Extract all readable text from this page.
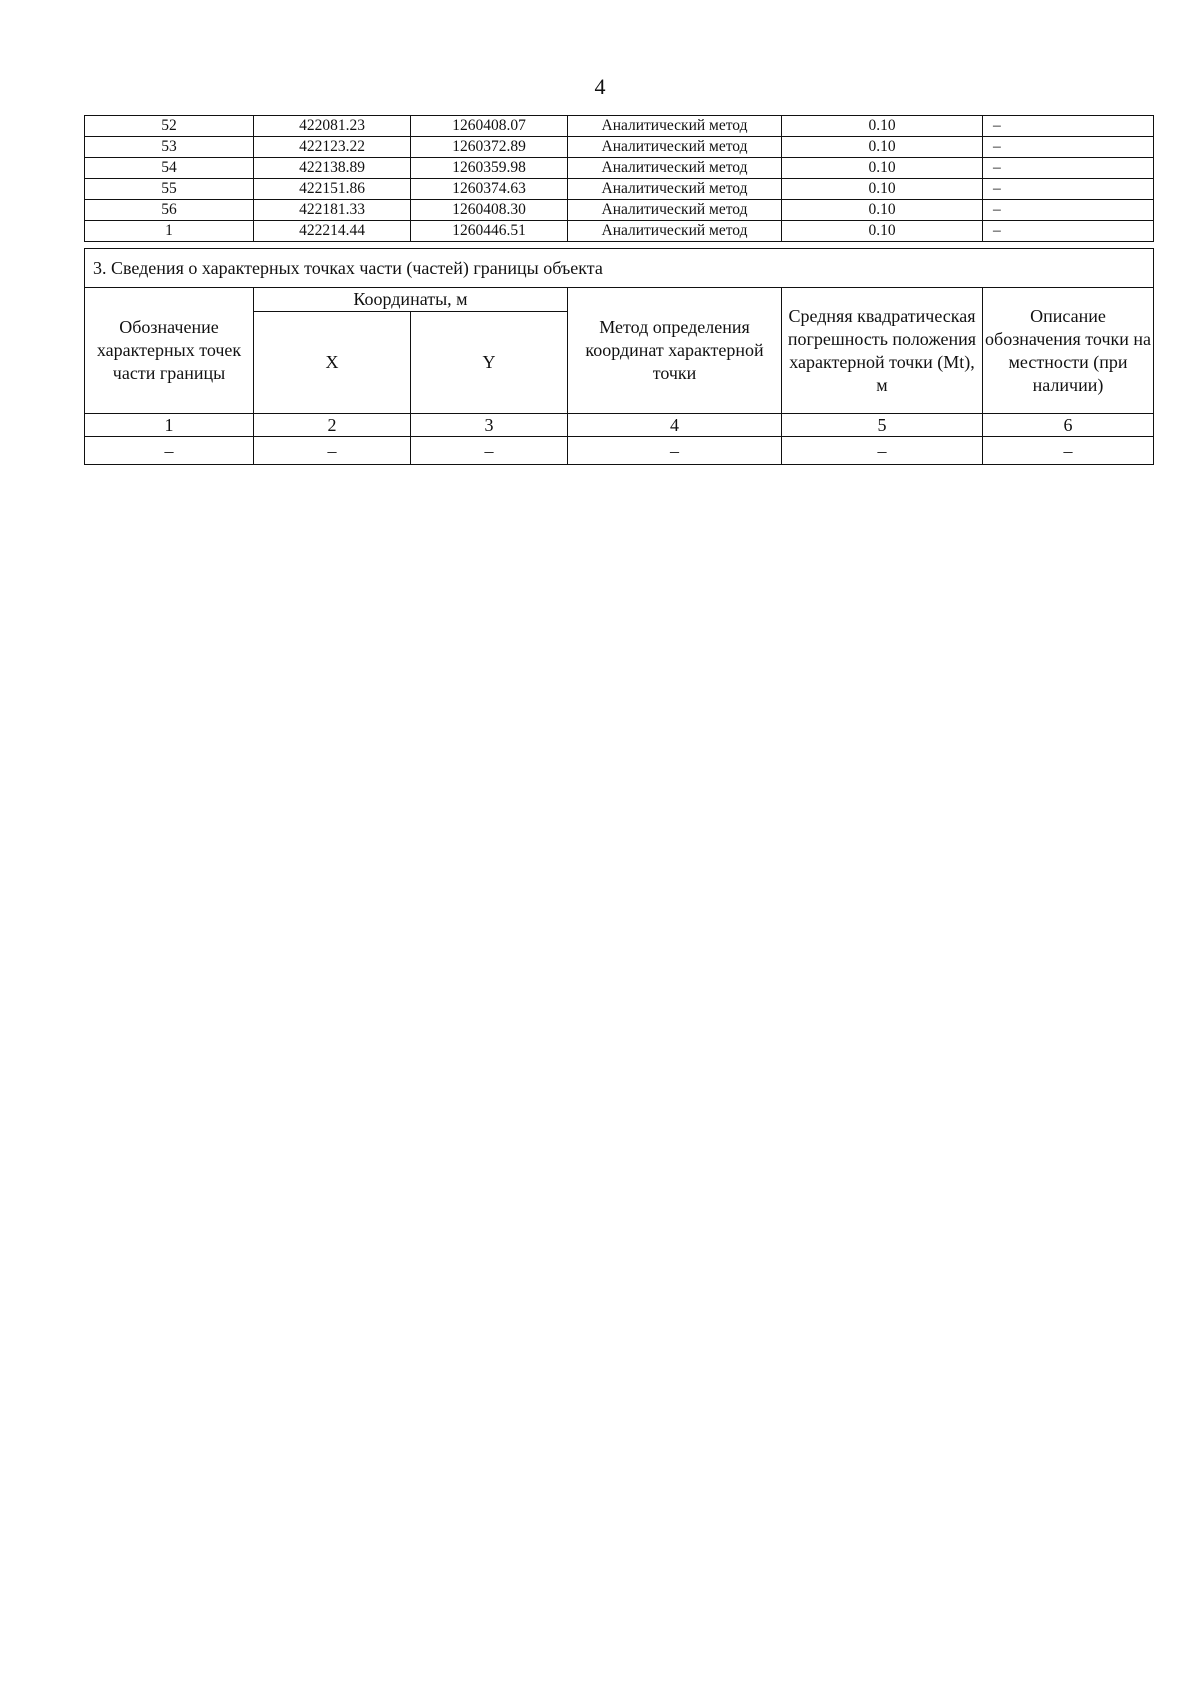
4
52	422081.23	1260408.07	Аналитический метод	0.10	–
53	422123.22	1260372.89	Аналитический метод	0.10	–
54	422138.89	1260359.98	Аналитический метод	0.10	–
55	422151.86	1260374.63	Аналитический метод	0.10	–
56	422181.33	1260408.30	Аналитический метод	0.10	–
1	422214.44	1260446.51	Аналитический метод	0.10	–
3. Сведения о характерных точках части (частей) границы объекта					
Обозначение характерных точек части границы	Координаты, м		Метод определения координат характерной точки	Средняя квадратическая погрешность положения характерной точки (Mt), м	Описание обозначения точки на местности (при наличии)
	X	Y			
1	2	3	4	5	6
–	–	–	–	–	–
